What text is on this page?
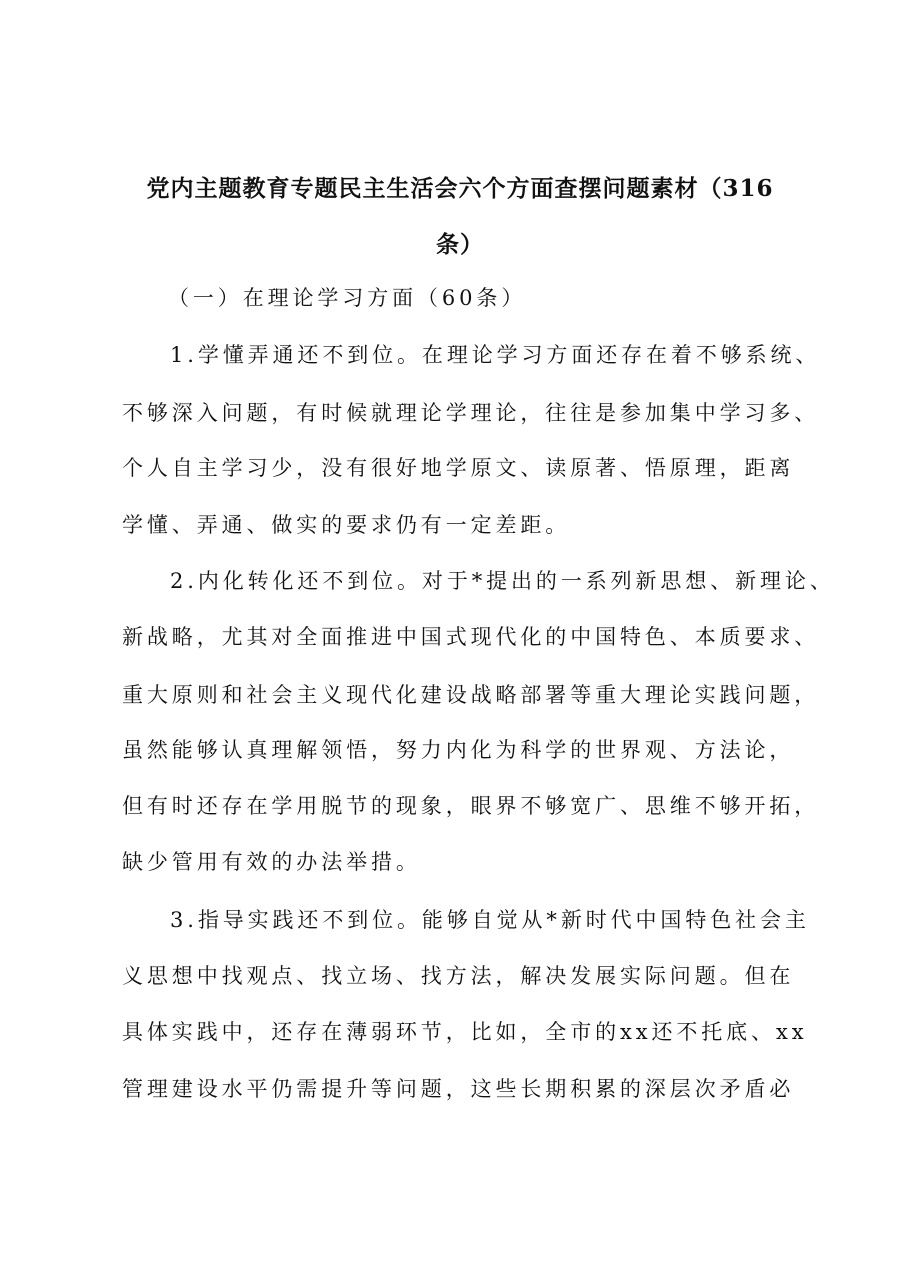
党内主题教育专题民主生活会六个方面查摆问题素材（316
条）
（一）在理论学习方面（60条）
1.学懂弄通还不到位。在理论学习方面还存在着不够系统、
不够深入问题，有时候就理论学理论，往往是参加集中学习多、
个人自主学习少，没有很好地学原文、读原著、悟原理，距离
学懂、弄通、做实的要求仍有一定差距。
2.内化转化还不到位。对于*提出的一系列新思想、新理论、
新战略，尤其对全面推进中国式现代化的中国特色、本质要求、
重大原则和社会主义现代化建设战略部署等重大理论实践问题，
虽然能够认真理解领悟，努力内化为科学的世界观、方法论，
但有时还存在学用脱节的现象，眼界不够宽广、思维不够开拓，
缺少管用有效的办法举措。
3.指导实践还不到位。能够自觉从*新时代中国特色社会主
义思想中找观点、找立场、找方法，解决发展实际问题。但在
具体实践中，还存在薄弱环节，比如，全市的xx还不托底、xx
管理建设水平仍需提升等问题，这些长期积累的深层次矛盾必
